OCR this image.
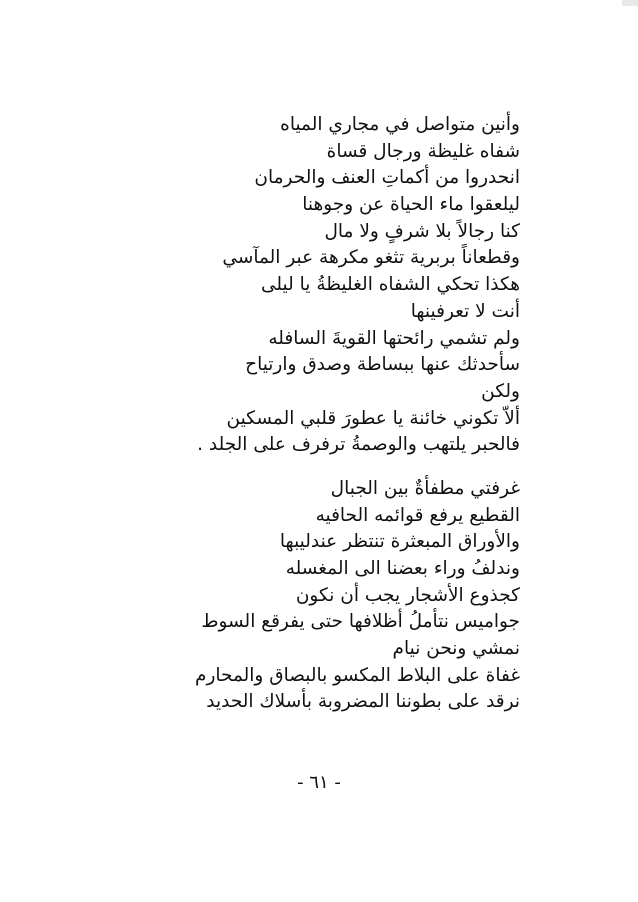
وأنين متواصل في مجاري المياه
شفاه غليظة ورجال قساة
انحدروا من أكماتِ العنف والحرمان
ليلعقوا ماء الحياة عن وجوهنا
كنا رجالاً بلا شرفٍ ولا مال
وقطعاناً بربرية تثغو مكرهة عبر المآسي
هكذا تحكي الشفاه الغليظةُ يا ليلى
أنت لا تعرفينها
ولم تشمي رائحتها القويةَ السافله
سأحدثك عنها ببساطة وصدق وارتياح
ولكن
ألاّ تكوني خائنة يا عطورَ قلبي المسكين
فالحبر يلتهب والوصمةُ ترفرف على الجلد .
غرفتي مطفأةٌ بين الجبال
القطيع يرفع قوائمه الحافيه
والأوراق المبعثرة تنتظر عندليبها
وندلفُ وراء بعضنا الى المغسله
كجذوع الأشجار يجب أن نكون
جواميس نتأملُ أظلافها حتى يفرقع السوط
نمشي ونحن نيام
غفاة على البلاط المكسو بالبصاق والمحارم
نرقد على بطوننا المضروبة بأسلاك الحديد
- ٦١ -
